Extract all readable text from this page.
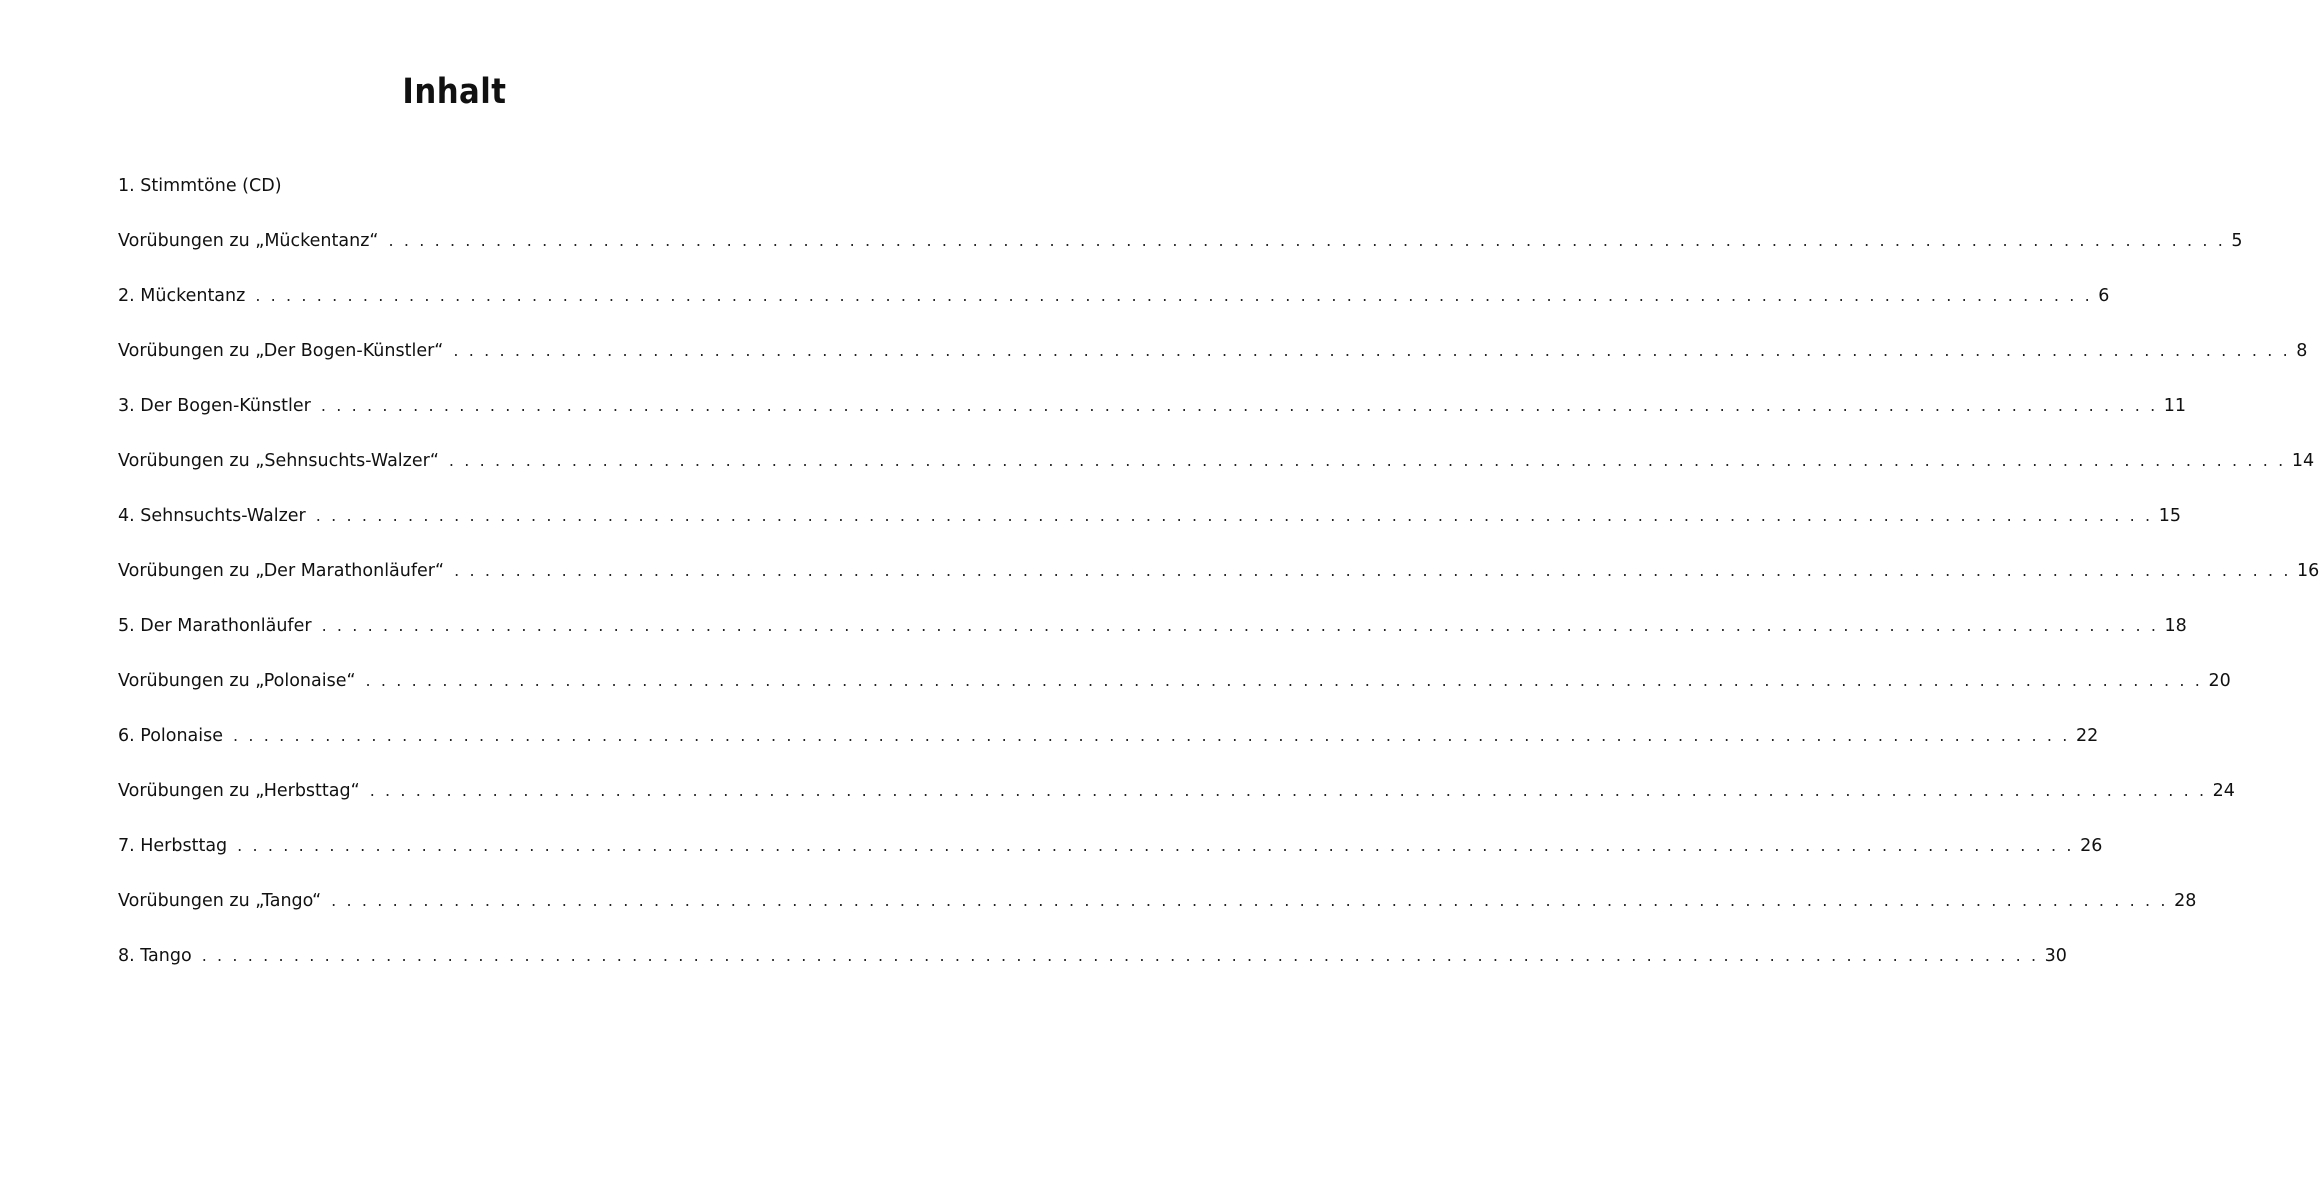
Inhalt
1. Stimmtöne (CD)
Vorübungen zu „Mückentanz“ . . . . . . . . . . . . . . . . . . . . . . . . . . . . . . . . . . . . . . . . . . . . . . . . . . . . . . . . . . . . . . . . . . . . . . . . . . . . . . . . . . . . . . . . . . . . . . . . . . . . . . . . . . . . . . . . . . . . . . . . 5
2. Mückentanz . . . . . . . . . . . . . . . . . . . . . . . . . . . . . . . . . . . . . . . . . . . . . . . . . . . . . . . . . . . . . . . . . . . . . . . . . . . . . . . . . . . . . . . . . . . . . . . . . . . . . . . . . . . . . . . . . . . . . . . . 6
Vorübungen zu „Der Bogen-Künstler“ . . . . . . . . . . . . . . . . . . . . . . . . . . . . . . . . . . . . . . . . . . . . . . . . . . . . . . . . . . . . . . . . . . . . . . . . . . . . . . . . . . . . . . . . . . . . . . . . . . . . . . . . . . . . . . . . . . . . . . . . 8
3. Der Bogen-Künstler . . . . . . . . . . . . . . . . . . . . . . . . . . . . . . . . . . . . . . . . . . . . . . . . . . . . . . . . . . . . . . . . . . . . . . . . . . . . . . . . . . . . . . . . . . . . . . . . . . . . . . . . . . . . . . . . . . . . . . . . 11
Vorübungen zu „Sehnsuchts-Walzer“ . . . . . . . . . . . . . . . . . . . . . . . . . . . . . . . . . . . . . . . . . . . . . . . . . . . . . . . . . . . . . . . . . . . . . . . . . . . . . . . . . . . . . . . . . . . . . . . . . . . . . . . . . . . . . . . . . . . . . . . . 14
4. Sehnsuchts-Walzer . . . . . . . . . . . . . . . . . . . . . . . . . . . . . . . . . . . . . . . . . . . . . . . . . . . . . . . . . . . . . . . . . . . . . . . . . . . . . . . . . . . . . . . . . . . . . . . . . . . . . . . . . . . . . . . . . . . . . . . . 15
Vorübungen zu „Der Marathonläufer“ . . . . . . . . . . . . . . . . . . . . . . . . . . . . . . . . . . . . . . . . . . . . . . . . . . . . . . . . . . . . . . . . . . . . . . . . . . . . . . . . . . . . . . . . . . . . . . . . . . . . . . . . . . . . . . . . . . . . . . . . 16
5. Der Marathonläufer . . . . . . . . . . . . . . . . . . . . . . . . . . . . . . . . . . . . . . . . . . . . . . . . . . . . . . . . . . . . . . . . . . . . . . . . . . . . . . . . . . . . . . . . . . . . . . . . . . . . . . . . . . . . . . . . . . . . . . . . 18
Vorübungen zu „Polonaise“ . . . . . . . . . . . . . . . . . . . . . . . . . . . . . . . . . . . . . . . . . . . . . . . . . . . . . . . . . . . . . . . . . . . . . . . . . . . . . . . . . . . . . . . . . . . . . . . . . . . . . . . . . . . . . . . . . . . . . . . . 20
6. Polonaise . . . . . . . . . . . . . . . . . . . . . . . . . . . . . . . . . . . . . . . . . . . . . . . . . . . . . . . . . . . . . . . . . . . . . . . . . . . . . . . . . . . . . . . . . . . . . . . . . . . . . . . . . . . . . . . . . . . . . . . . 22
Vorübungen zu „Herbsttag“ . . . . . . . . . . . . . . . . . . . . . . . . . . . . . . . . . . . . . . . . . . . . . . . . . . . . . . . . . . . . . . . . . . . . . . . . . . . . . . . . . . . . . . . . . . . . . . . . . . . . . . . . . . . . . . . . . . . . . . . . 24
7. Herbsttag . . . . . . . . . . . . . . . . . . . . . . . . . . . . . . . . . . . . . . . . . . . . . . . . . . . . . . . . . . . . . . . . . . . . . . . . . . . . . . . . . . . . . . . . . . . . . . . . . . . . . . . . . . . . . . . . . . . . . . . . 26
Vorübungen zu „Tango“ . . . . . . . . . . . . . . . . . . . . . . . . . . . . . . . . . . . . . . . . . . . . . . . . . . . . . . . . . . . . . . . . . . . . . . . . . . . . . . . . . . . . . . . . . . . . . . . . . . . . . . . . . . . . . . . . . . . . . . . . 28
8. Tango . . . . . . . . . . . . . . . . . . . . . . . . . . . . . . . . . . . . . . . . . . . . . . . . . . . . . . . . . . . . . . . . . . . . . . . . . . . . . . . . . . . . . . . . . . . . . . . . . . . . . . . . . . . . . . . . . . . . . . . . 30
